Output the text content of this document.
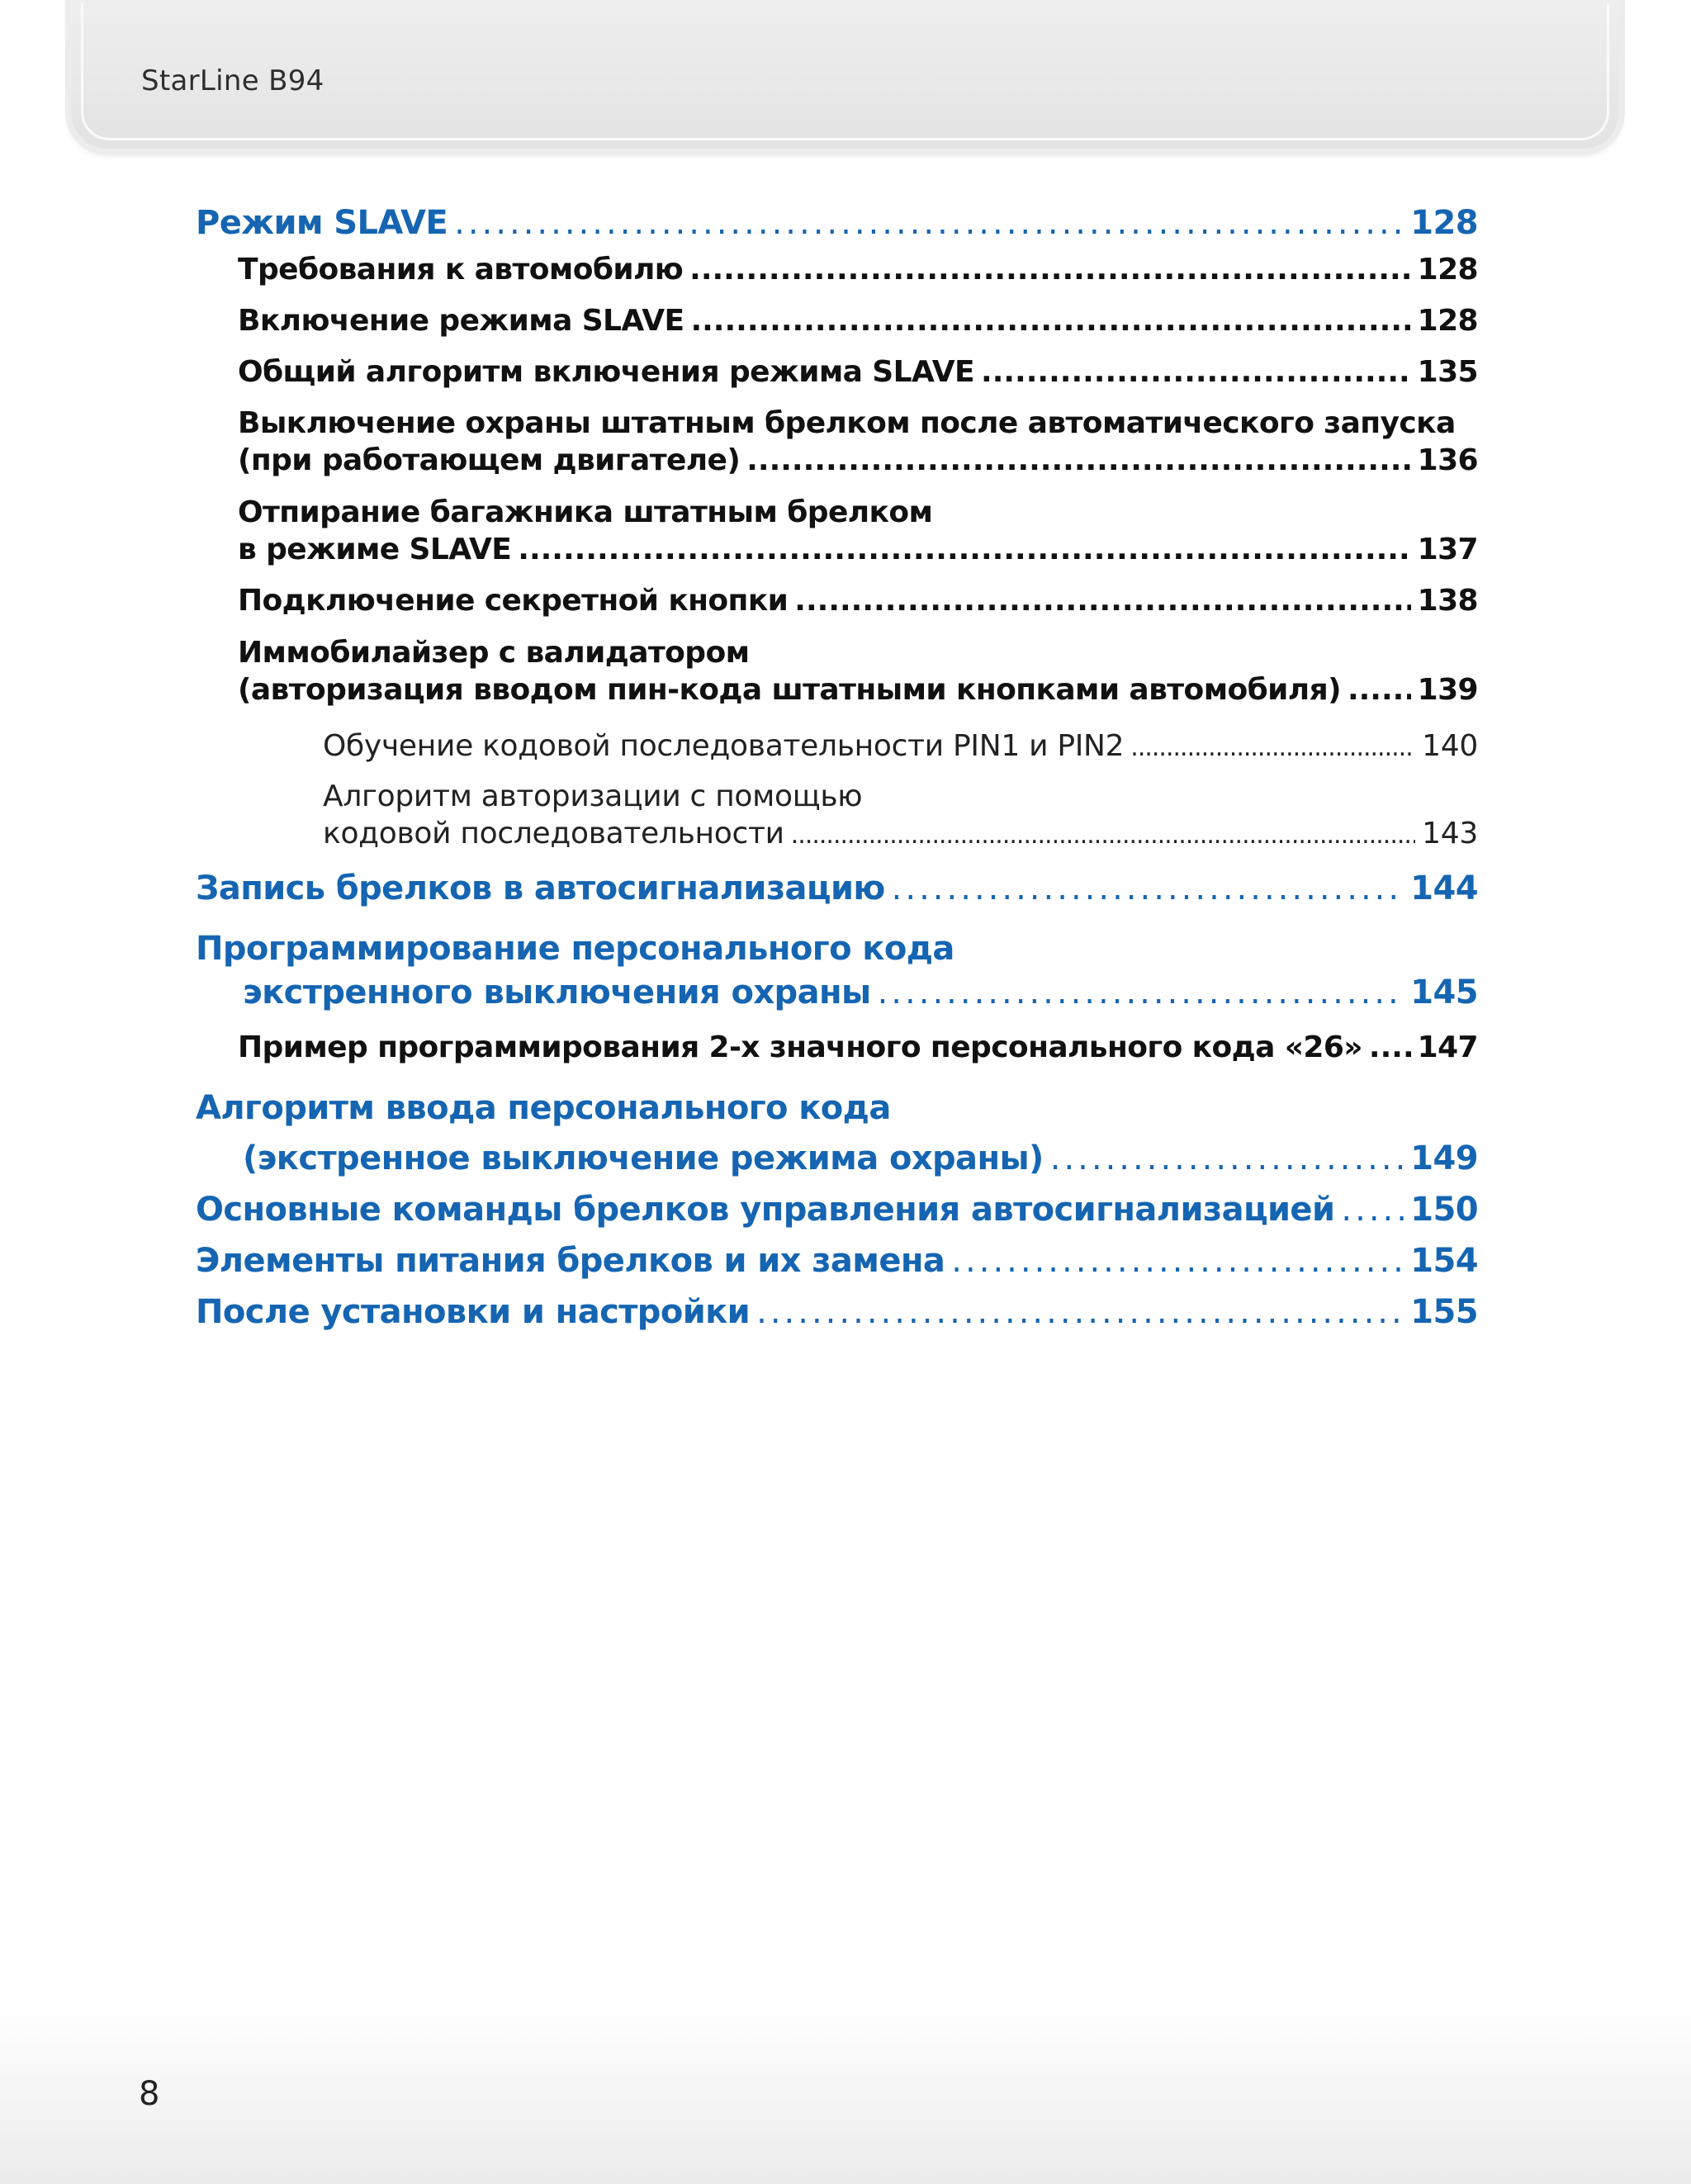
StarLine B94
Режим SLAVE .....	128
Требования к автомобилю .....	128
Включение режима SLAVE .....	128
Общий алгоритм включения режима SLAVE .....	135
Выключение охраны штатным брелком после автоматического запуска
(при работающем двигателе) .....	136
Отпирание багажника штатным брелком
в режиме SLAVE .....	137
Подключение секретной кнопки .....	138
Иммобилайзер с валидатором
(авторизация вводом пин-кода штатными кнопками автомобиля) .....	139
Обучение кодовой последовательности PIN1 и PIN2 .....	140
Алгоритм авторизации с помощью
кодовой последовательности .....	143
Запись брелков в автосигнализацию .....	144
Программирование персонального кода
экстренного выключения охраны .....	145
Пример программирования 2-х значного персонального кода «26» ..... 147
Алгоритм ввода персонального кода
(экстренное выключение режима охраны) .....	149
Основные команды брелков управления автосигнализацией ..... 150
Элементы питания брелков и их замена .....	154
После установки и настройки .....	155
8
